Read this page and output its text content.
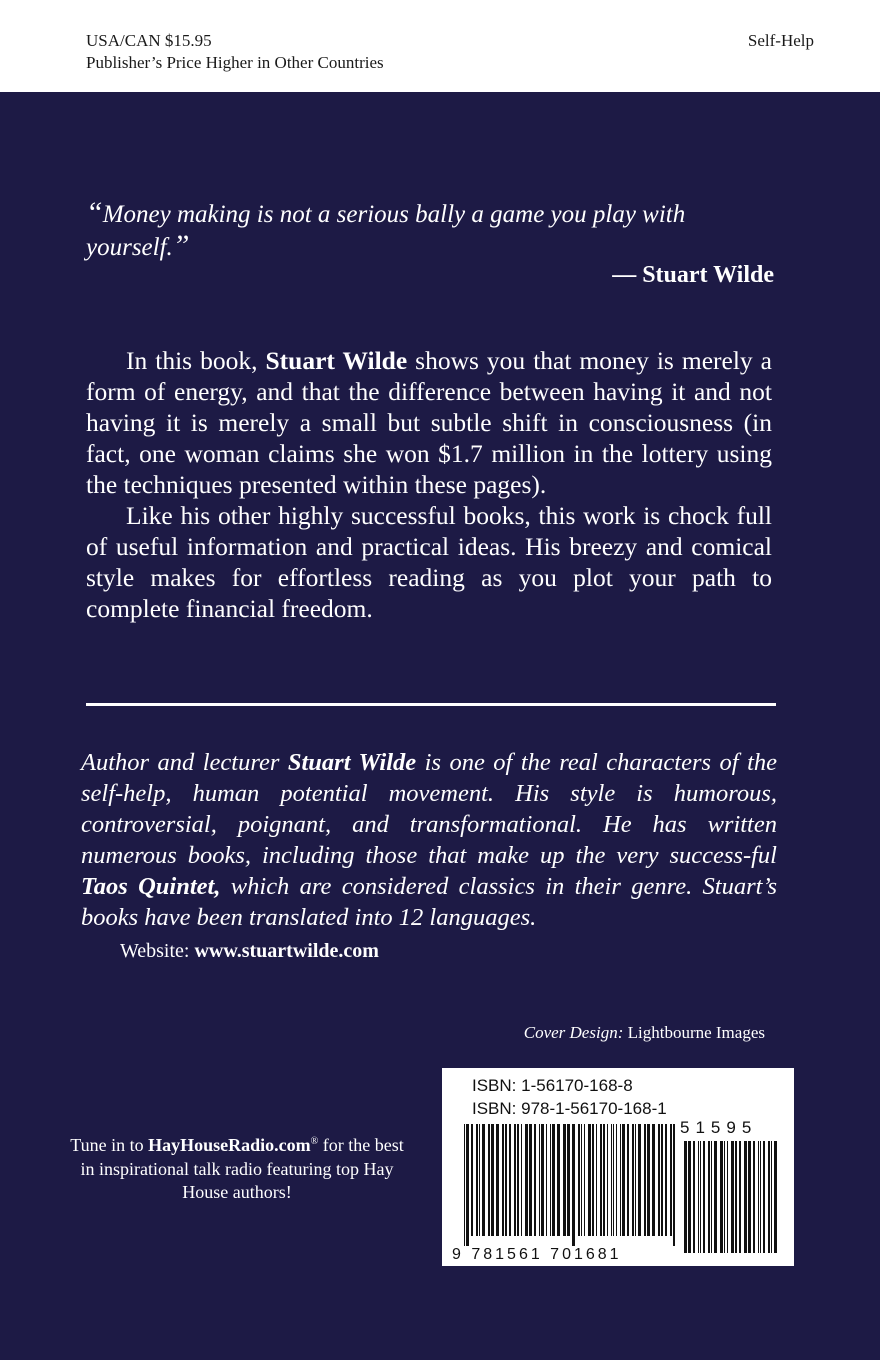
USA/CAN $15.95
Publisher’s Price Higher in Other Countries
Self-Help
“Money making is not a serious bally a game you play with yourself.”
— Stuart Wilde

In this book, Stuart Wilde shows you that money is merely a form of energy, and that the difference between having it and not having it is merely a small but subtle shift in consciousness (in fact, one woman claims she won $1.7 million in the lottery using the techniques presented within these pages).

Like his other highly successful books, this work is chock full of useful information and practical ideas. His breezy and comical style makes for effortless reading as you plot your path to complete financial freedom.

Author and lecturer Stuart Wilde is one of the real characters of the self-help, human potential movement. His style is humorous, controversial, poignant, and transformational. He has written numerous books, including those that make up the very success-ful Taos Quintet, which are considered classics in their genre. Stuart’s books have been translated into 12 languages.
Website: www.stuartwilde.com
Cover Design: Lightbourne Images
Tune in to HayHouseRadio.com® for the best in inspirational talk radio featuring top Hay House authors!
ISBN: 1-56170-168-8
ISBN: 978-1-56170-168-1
51595
9 781561 701681
